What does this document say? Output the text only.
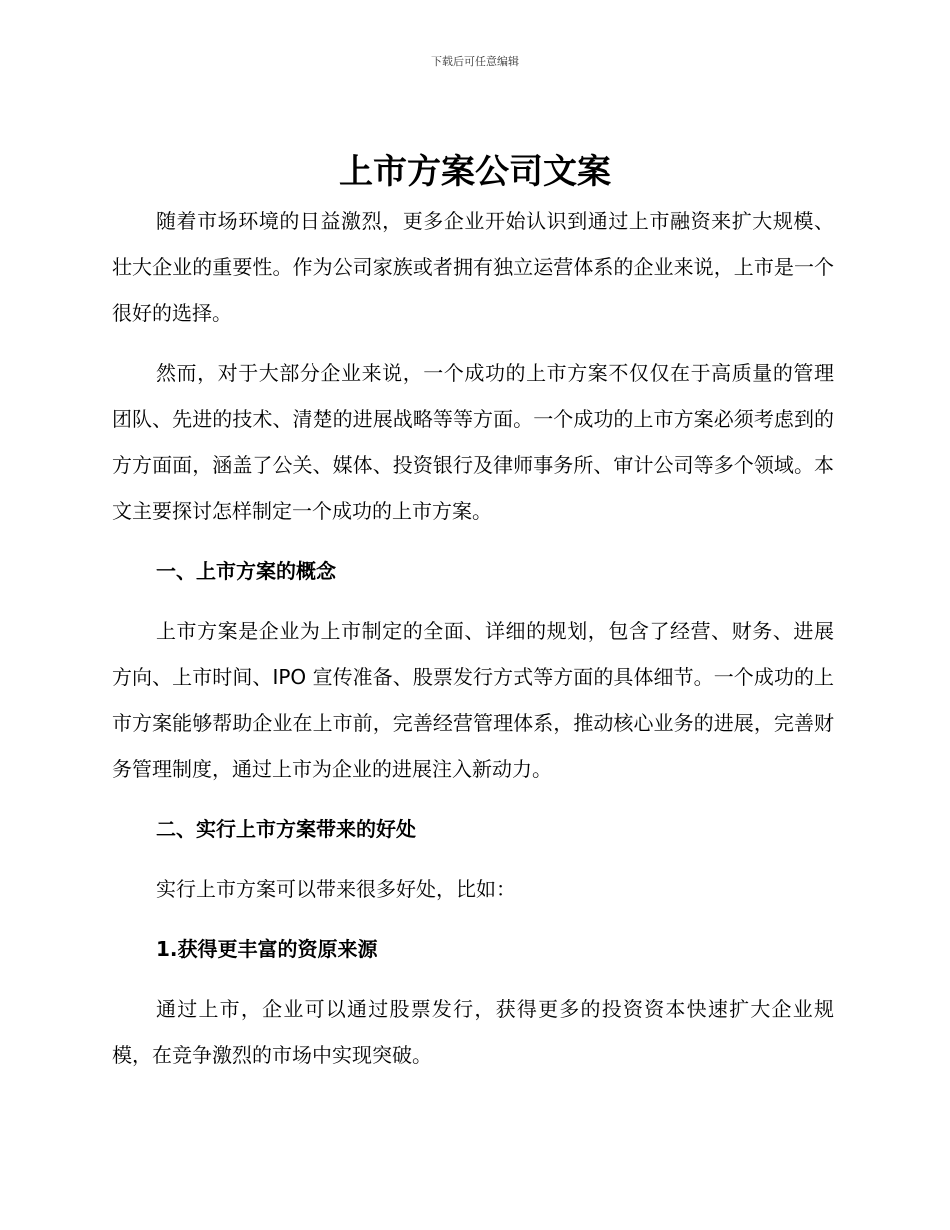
下载后可任意编辑
上市方案公司文案

随着市场环境的日益激烈，更多企业开始认识到通过上市融资来扩大规模、壮大企业的重要性。作为公司家族或者拥有独立运营体系的企业来说，上市是一个很好的选择。

然而，对于大部分企业来说，一个成功的上市方案不仅仅在于高质量的管理团队、先进的技术、清楚的进展战略等等方面。一个成功的上市方案必须考虑到的方方面面，涵盖了公关、媒体、投资银行及律师事务所、审计公司等多个领域。本文主要探讨怎样制定一个成功的上市方案。

一、上市方案的概念

上市方案是企业为上市制定的全面、详细的规划，包含了经营、财务、进展方向、上市时间、IPO 宣传准备、股票发行方式等方面的具体细节。一个成功的上市方案能够帮助企业在上市前，完善经营管理体系，推动核心业务的进展，完善财务管理制度，通过上市为企业的进展注入新动力。

二、实行上市方案带来的好处

实行上市方案可以带来很多好处，比如：

1.获得更丰富的资原来源

通过上市，企业可以通过股票发行，获得更多的投资资本快速扩大企业规模，在竞争激烈的市场中实现突破。
